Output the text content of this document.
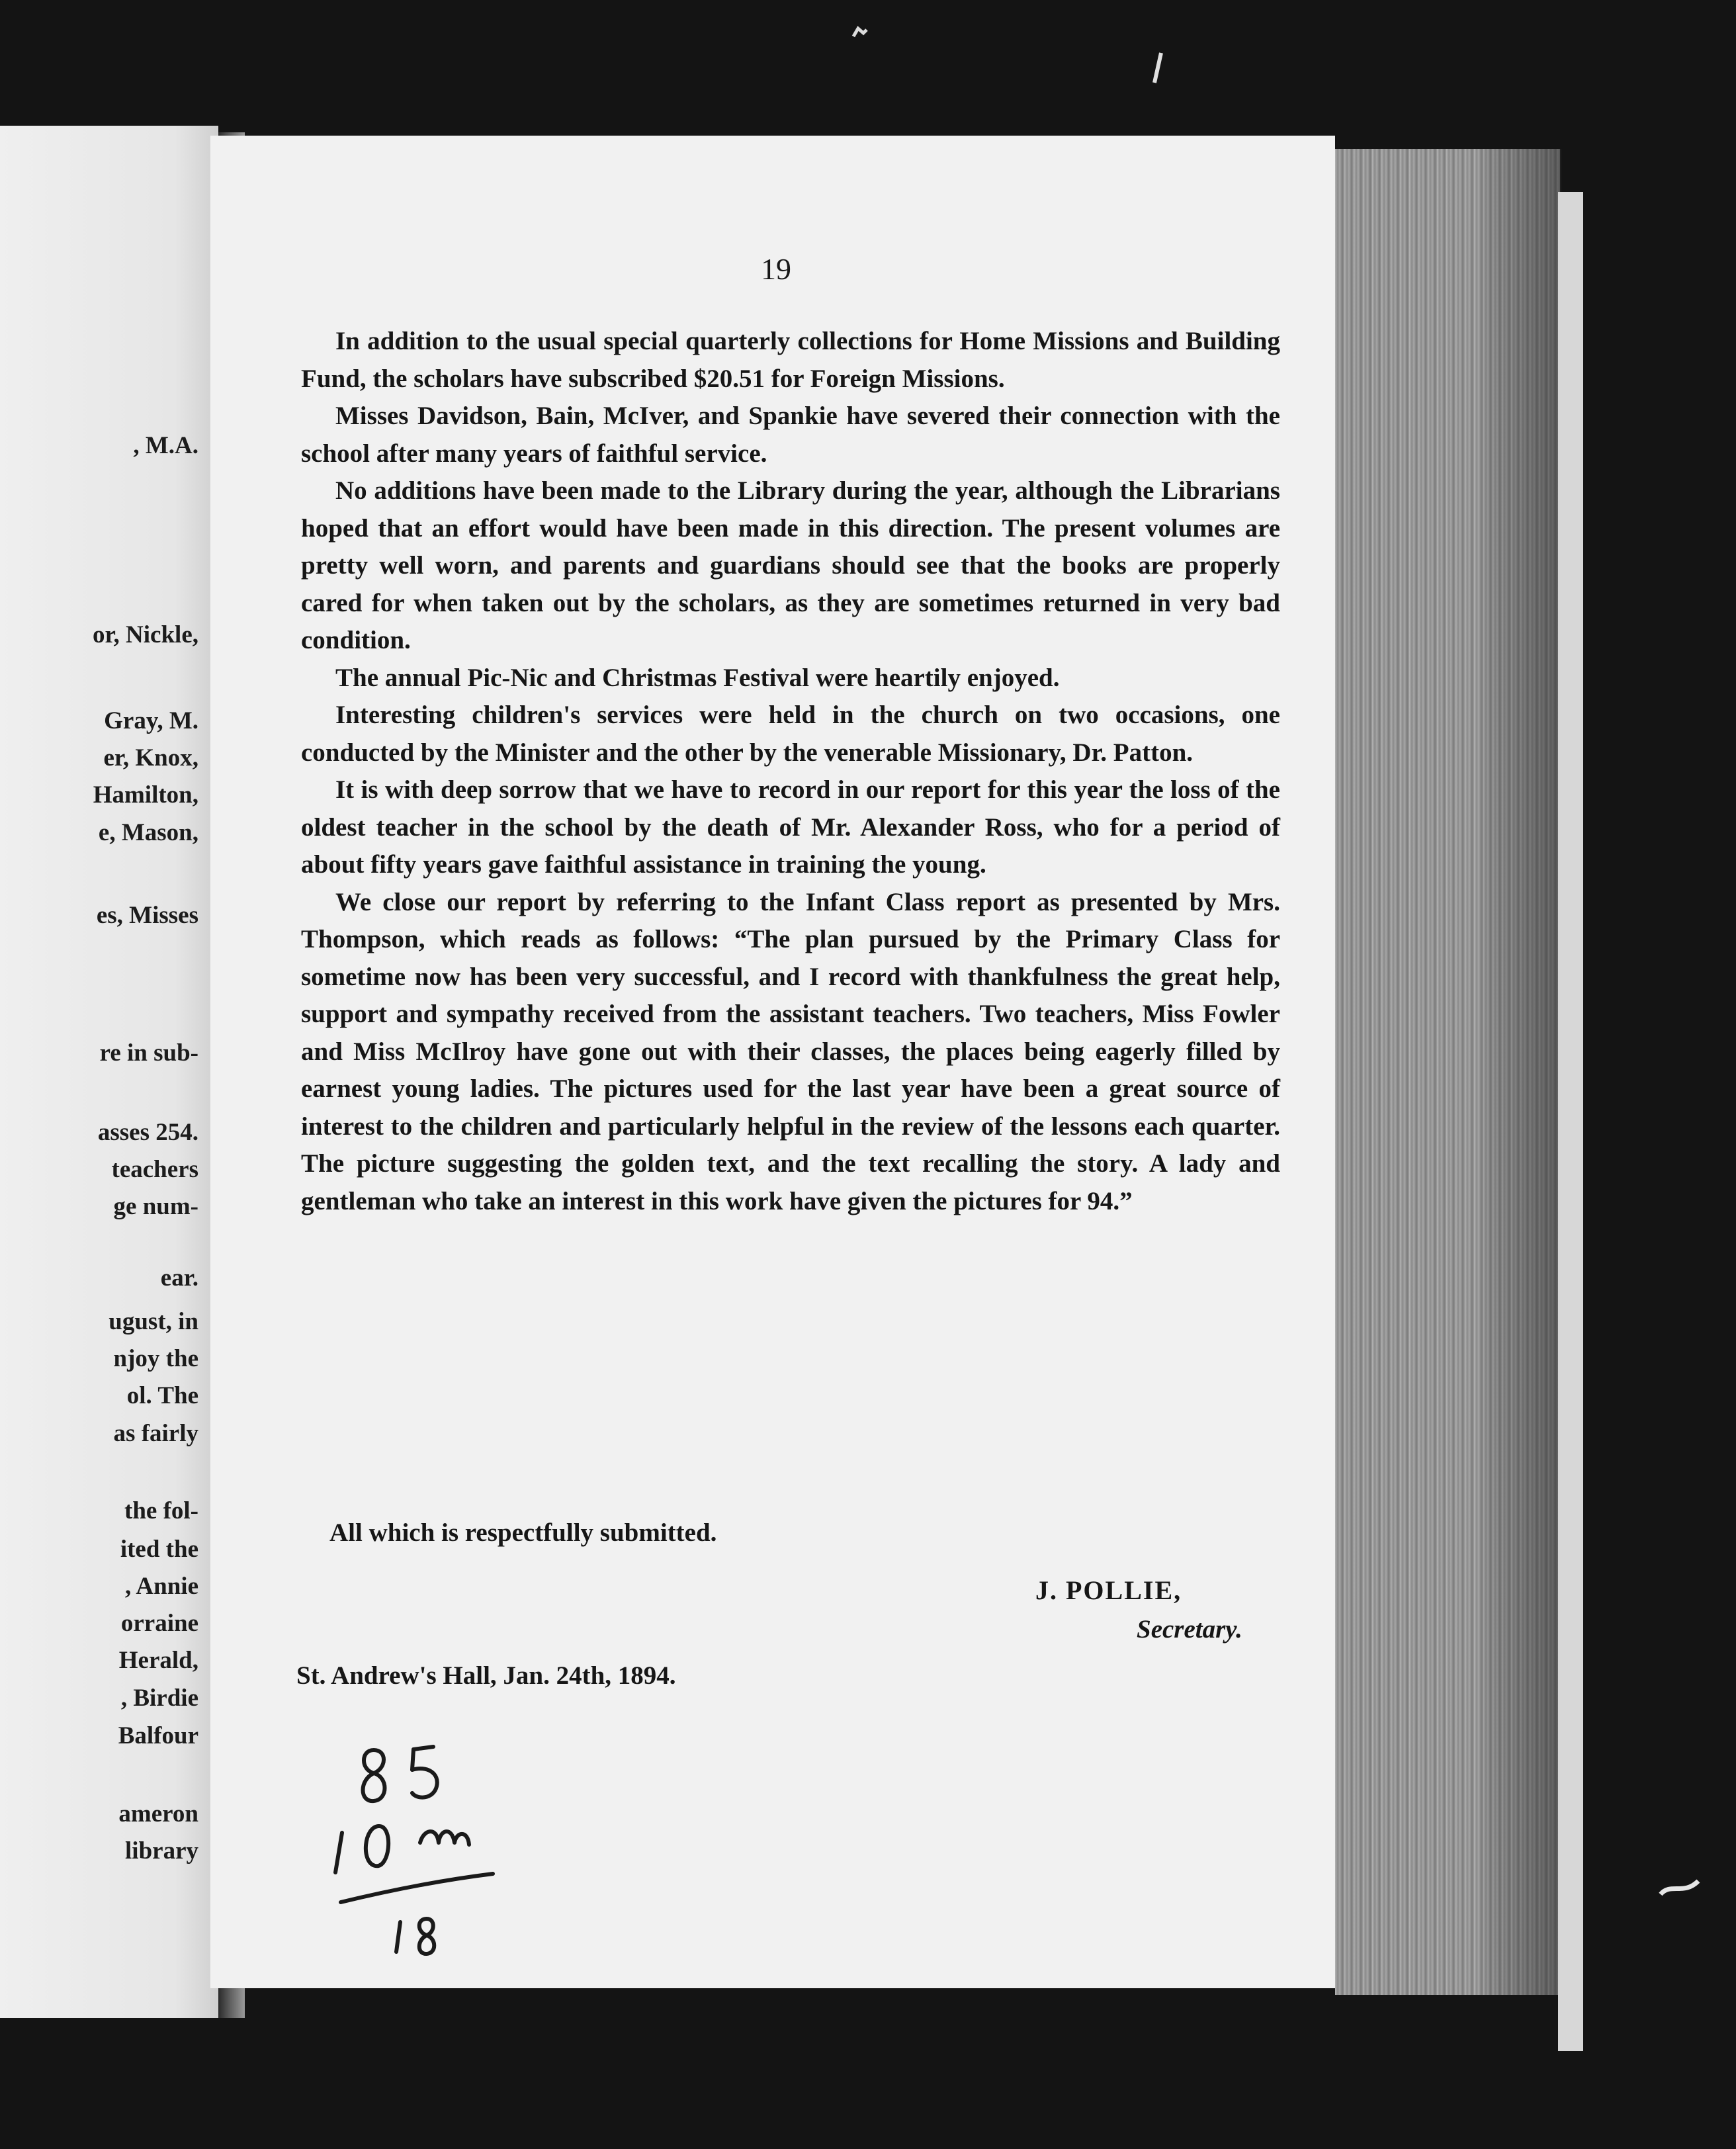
, M.A.

or, Nickle,

Gray, M.

er, Knox,

Hamilton,

e, Mason,

es, Misses

re in sub-

asses 254.

teachers

ge num-

ear.

ugust, in

njoy the

ol. The

as fairly

the fol-

ited the

, Annie

orraine

Herald,

, Birdie

Balfour

ameron

library

19

In addition to the usual special quarterly collections for Home Missions and Building Fund, the scholars have subscribed $20.51 for Foreign Missions.

Misses Davidson, Bain, McIver, and Spankie have severed their connection with the school after many years of faithful service.

No additions have been made to the Library during the year, although the Librarians hoped that an effort would have been made in this direction. The present volumes are pretty well worn, and parents and guardians should see that the books are properly cared for when taken out by the scholars, as they are sometimes returned in very bad condition.

The annual Pic-Nic and Christmas Festival were heartily enjoyed.

Interesting children's services were held in the church on two occasions, one conducted by the Minister and the other by the venerable Missionary, Dr. Patton.

It is with deep sorrow that we have to record in our report for this year the loss of the oldest teacher in the school by the death of Mr. Alexander Ross, who for a period of about fifty years gave faithful assistance in training the young.

We close our report by referring to the Infant Class report as presented by Mrs. Thompson, which reads as follows: “The plan pursued by the Primary Class for sometime now has been very successful, and I record with thankfulness the great help, support and sympathy received from the assistant teachers. Two teachers, Miss Fowler and Miss McIlroy have gone out with their classes, the places being eagerly filled by earnest young ladies. The pictures used for the last year have been a great source of interest to the children and particularly helpful in the review of the lessons each quarter. The picture suggesting the golden text, and the text recalling the story. A lady and gentleman who take an interest in this work have given the pictures for 94.”

All which is respectfully submitted.

J. POLLIE,

Secretary.

St. Andrew's Hall, Jan. 24th, 1894.
